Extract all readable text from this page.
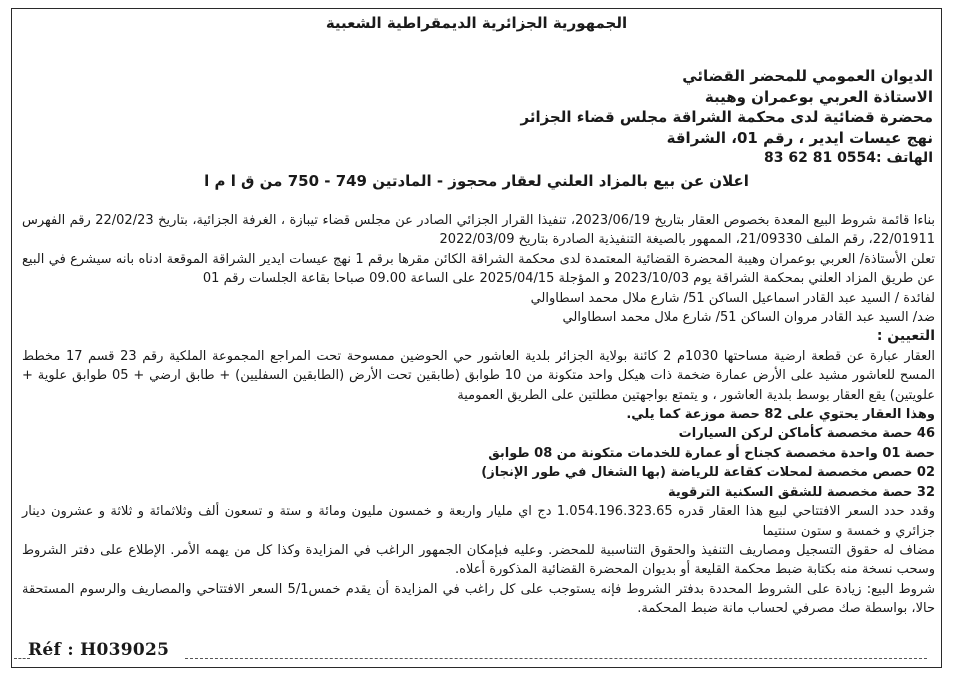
الجمهورية الجزائرية الديمقراطية الشعبية
الديوان العمومي للمحضر القضائي
الاستاذة العربي بوعمران وهيبة
محضرة قضائية لدى محكمة الشراقة مجلس قضاء الجزائر
نهج عيسات ايدير ، رقم 01، الشراقة
الهاتف :0554 81 62 83
اعلان عن بيع بالمزاد العلني لعقار محجوز - المادتين 749 - 750 من ق ا م ا

بناءا قائمة شروط البيع المعدة بخصوص العقار بتاريخ 2023/06/19، تنفيذا القرار الجزائي الصادر عن مجلس قضاء تيبازة ، الغرفة الجزائية، بتاريخ 22/02/23 رقم الفهرس 22/01911، رقم الملف 21/09330، الممهور بالصيغة التنفيذية الصادرة بتاريخ 2022/03/09

تعلن الأستاذة/ العربي بوعمران وهيبة المحضرة القضائية المعتمدة لدى محكمة الشراقة الكائن مقرها برقم 1 نهج عيسات ايدير الشراقة الموقعة ادناه بانه سيشرع في البيع عن طريق المزاد العلني بمحكمة الشراقة يوم 2023/10/03 و المؤجلة 2025/04/15 على الساعة 09.00 صباحا بقاعة الجلسات رقم 01

لفائدة / السيد عبد القادر اسماعيل الساكن 51/ شارع ملال محمد اسطاوالي

ضد/ السيد عبد القادر مروان الساكن 51/ شارع ملال محمد اسطاوالي

التعيين :

العقار عبارة عن قطعة ارضية مساحتها 1030م 2 كائنة بولاية الجزائر بلدية العاشور حي الحوضين ممسوحة تحت المراجع المجموعة الملكية رقم 23 قسم 17 مخطط المسح للعاشور مشيد على الأرض عمارة ضخمة ذات هيكل واحد متكونة من 10 طوابق (طابقين تحت الأرض (الطابقين السفليين) + طابق ارضي + 05 طوابق علوية + علويتين) يقع العقار بوسط بلدية العاشور ، و يتمتع بواجهتين مطلتين على الطريق العمومية

وهذا العقار يحتوي على 82 حصة موزعة كما يلي.

46 حصة مخصصة كأماكن لركن السيارات

حصة 01 واحدة مخصصة كجناح أو عمارة للخدمات متكونة من 08 طوابق

02 حصص مخصصة لمحلات كقاعة للرياضة (بها الشغال في طور الإنجاز)

32 حصة مخصصة للشقق السكنية الترقوية

وقدد حدد السعر الافتتاحي لبيع هذا العقار قدره 1.054.196.323.65 دج اي مليار واربعة و خمسون مليون ومائة و ستة و تسعون ألف وثلاثمائة و ثلاثة و عشرون دينار جزائري و خمسة و ستون سنتيما

مضاف له حقوق التسجيل ومصاريف التنفيذ والحقوق التناسبية للمحضر. وعليه فبإمكان الجمهور الراغب في المزايدة وكذا كل من يهمه الأمر. الإطلاع على دفتر الشروط وسحب نسخة منه بكتابة ضبط محكمة القليعة أو بديوان المحضرة القضائية المذكورة أعلاه.

شروط البيع: زيادة على الشروط المحددة بدفتر الشروط فإنه يستوجب على كل راغب في المزايدة أن يقدم خمس5/1 السعر الافتتاحي والمصاريف والرسوم المستحقة حالا، بواسطة صك مصرفي لحساب مانة ضبط المحكمة.

Réf : H039025
